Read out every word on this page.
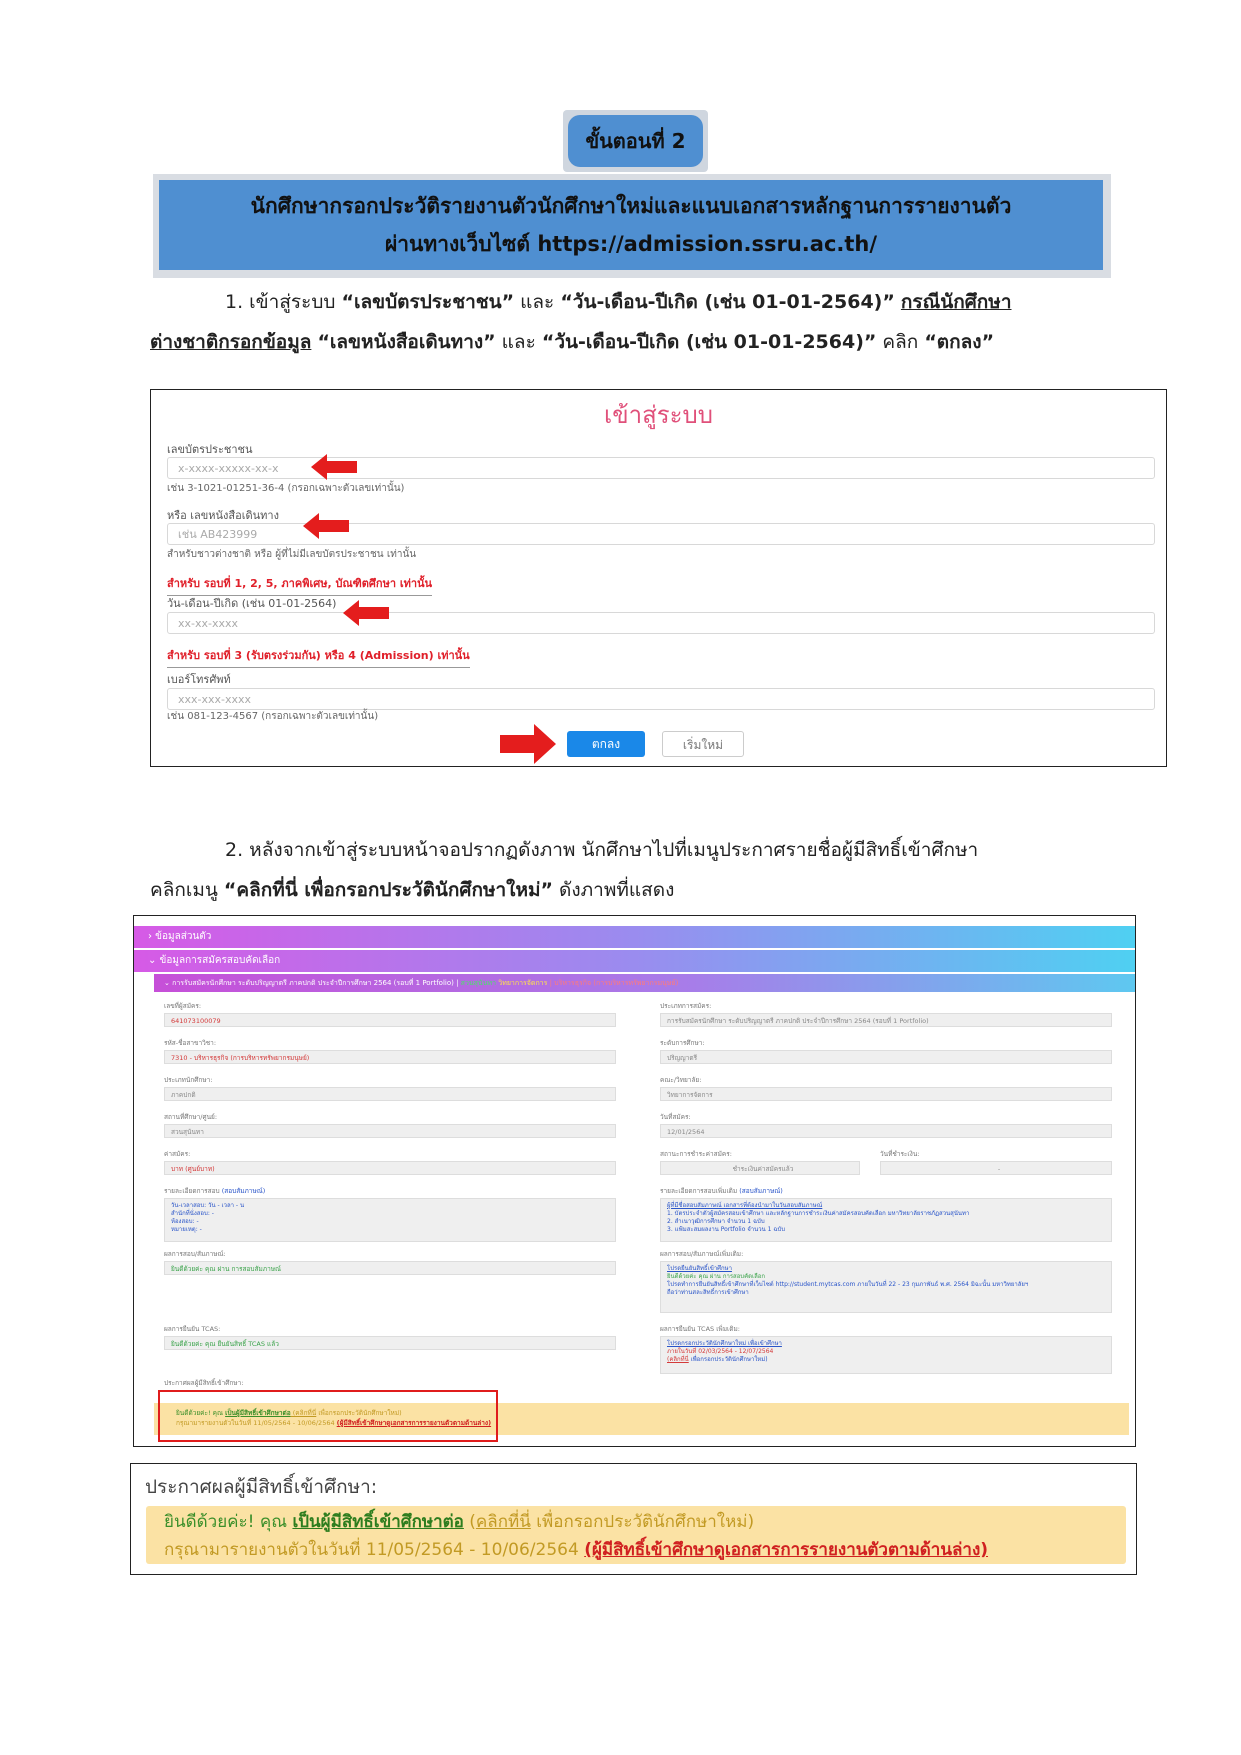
ขั้นตอนที่ 2
นักศึกษากรอกประวัติรายงานตัวนักศึกษาใหม่และแนบเอกสารหลักฐานการรายงานตัว
ผ่านทางเว็บไซต์ https://admission.ssru.ac.th/
1. เข้าสู่ระบบ “เลขบัตรประชาชน” และ “วัน-เดือน-ปีเกิด (เช่น 01-01-2564)” กรณีนักศึกษา
ต่างชาติกรอกข้อมูล “เลขหนังสือเดินทาง” และ “วัน-เดือน-ปีเกิด (เช่น 01-01-2564)” คลิก “ตกลง”
เข้าสู่ระบบ
เลขบัตรประชาชน
x-xxxx-xxxxx-xx-x
เช่น 3-1021-01251-36-4 (กรอกเฉพาะตัวเลขเท่านั้น)
หรือ เลขหนังสือเดินทาง
เช่น AB423999
สำหรับชาวต่างชาติ หรือ ผู้ที่ไม่มีเลขบัตรประชาชน เท่านั้น
สำหรับ รอบที่ 1, 2, 5, ภาคพิเศษ, บัณฑิตศึกษา เท่านั้น
วัน-เดือน-ปีเกิด (เช่น 01-01-2564)
xx-xx-xxxx
สำหรับ รอบที่ 3 (รับตรงร่วมกัน) หรือ 4 (Admission) เท่านั้น
เบอร์โทรศัพท์
xxx-xxx-xxxx
เช่น 081-123-4567 (กรอกเฉพาะตัวเลขเท่านั้น)
ตกลง	เริ่มใหม่
2. หลังจากเข้าสู่ระบบหน้าจอปรากฏดังภาพ นักศึกษาไปที่เมนูประกาศรายชื่อผู้มีสิทธิ์เข้าศึกษา
คลิกเมนู “คลิกที่นี่ เพื่อกรอกประวัตินักศึกษาใหม่” ดังภาพที่แสดง
› ข้อมูลส่วนตัว
⌄ ข้อมูลการสมัครสอบคัดเลือก
⌄ การรับสมัครนักศึกษา ระดับปริญญาตรี ภาคปกติ ประจำปีการศึกษา 2564 (รอบที่ 1 Portfolio) | สวนสุนันทา วิทยาการจัดการ | บริหารธุรกิจ (การบริหารทรัพยากรมนุษย์)
เลขที่ผู้สมัคร:
641073100079
รหัส-ชื่อสาขาวิชา:
7310 - บริหารธุรกิจ (การบริหารทรัพยากรมนุษย์)
ประเภทนักศึกษา:
ภาคปกติ
สถานที่ศึกษา/ศูนย์:
สวนสุนันทา
ค่าสมัคร:
บาท (ศูนย์บาท)
รายละเอียดการสอบ (สอบสัมภาษณ์)
วัน-เวลาสอบ: วัน - เวลา - น
สำนักที่นั่งสอบ: -
ห้องสอบ: -
หมายเหตุ: -
ผลการสอบ/สัมภาษณ์:
ยินดีด้วยค่ะ คุณ ผ่าน การสอบสัมภาษณ์
ผลการยืนยัน TCAS:
ยินดีด้วยค่ะ คุณ ยืนยันสิทธิ์ TCAS แล้ว
ประกาศผลผู้มีสิทธิ์เข้าศึกษา:
ประเภทการสมัคร:
การรับสมัครนักศึกษา ระดับปริญญาตรี ภาคปกติ ประจำปีการศึกษา 2564 (รอบที่ 1 Portfolio)
ระดับการศึกษา:
ปริญญาตรี
คณะ/วิทยาลัย:
วิทยาการจัดการ
วันที่สมัคร:
12/01/2564
สถานะการชำระค่าสมัคร:
ชำระเงินค่าสมัครแล้ว
วันที่ชำระเงิน:
-
รายละเอียดการสอบเพิ่มเติม (สอบสัมภาษณ์)
ผู้ที่มีชื่อสอบสัมภาษณ์ เอกสารที่ต้องนำมาในวันสอบสัมภาษณ์
1. บัตรประจำตัวผู้สมัครสอบเข้าศึกษา และหลักฐานการชำระเงินค่าสมัครสอบคัดเลือก มหาวิทยาลัยราชภัฏสวนสุนันทา
2. สำเนาวุฒิการศึกษา จำนวน 1 ฉบับ
3. แฟ้มสะสมผลงาน Portfolio จำนวน 1 ฉบับ
ผลการสอบ/สัมภาษณ์เพิ่มเติม:
โปรดยืนยันสิทธิ์เข้าศึกษา
ยินดีด้วยค่ะ คุณ ผ่าน การสอบคัดเลือก
โปรดทำการยืนยันสิทธิ์เข้าศึกษาที่เว็บไซต์ http://student.mytcas.com ภายในวันที่ 22 - 23 กุมภาพันธ์ พ.ศ. 2564 มิฉะนั้น มหาวิทยาลัยฯ
ถือว่าท่านสละสิทธิ์การเข้าศึกษา
ผลการยืนยัน TCAS เพิ่มเติม:
โปรดกรอกประวัตินักศึกษาใหม่ เพื่อเข้าศึกษา
ภายในวันที่ 02/03/2564 - 12/07/2564
(คลิกที่นี่ เพื่อกรอกประวัตินักศึกษาใหม่)
ยินดีด้วยค่ะ! คุณ เป็นผู้มีสิทธิ์เข้าศึกษาต่อ (คลิกที่นี่ เพื่อกรอกประวัตินักศึกษาใหม่)
กรุณามารายงานตัวในวันที่ 11/05/2564 - 10/06/2564 (ผู้มีสิทธิ์เข้าศึกษาดูเอกสารการรายงานตัวตามด้านล่าง)
ประกาศผลผู้มีสิทธิ์เข้าศึกษา:
ยินดีด้วยค่ะ! คุณ เป็นผู้มีสิทธิ์เข้าศึกษาต่อ (คลิกที่นี่ เพื่อกรอกประวัตินักศึกษาใหม่)
กรุณามารายงานตัวในวันที่ 11/05/2564 - 10/06/2564 (ผู้มีสิทธิ์เข้าศึกษาดูเอกสารการรายงานตัวตามด้านล่าง)
